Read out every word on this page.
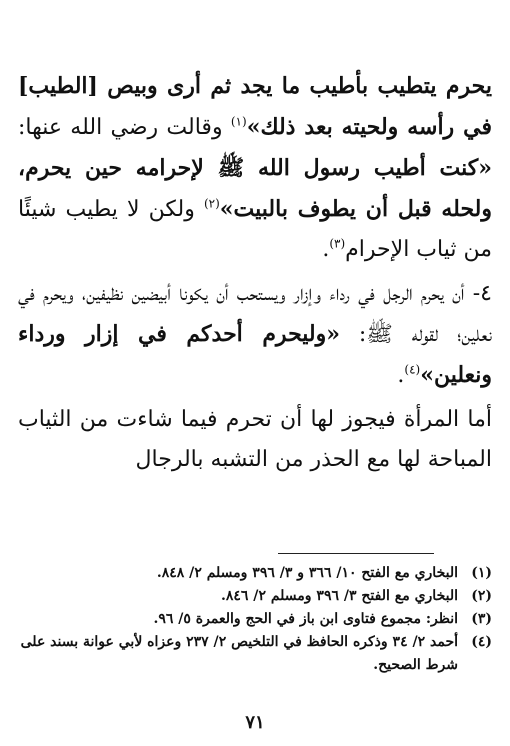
يحرم يتطيب بأطيب ما يجد ثم أرى وبيص [الطيب] في رأسه ولحيته بعد ذلك»$^{(١)}$ وقالت رضي الله عنها: «كنت أطيب رسول الله ﷺ لإحرامه حين يحرم، ولحله قبل أن يطوف بالبيت»$^{(٢)}$ ولكن لا يطيب شيئًا من ثياب الإحرام$^{(٣)}$.

٤- أن يحرم الرجل في رداء وإزار ويستحب أن يكونا أبيضين نظيفين، ويحرم في نعلين؛ لقوله ﷺ: «وليحرم أحدكم في إزار ورداء ونعلين»$^{(٤)}$.

أما المرأة فيجوز لها أن تحرم فيما شاءت من الثياب المباحة لها مع الحذر من التشبه بالرجال

(١)
البخاري مع الفتح ١٠/ ٣٦٦ و ٣/ ٣٩٦ ومسلم ٢/ ٨٤٨.

(٢)
البخاري مع الفتح ٣/ ٣٩٦ ومسلم ٢/ ٨٤٦.

(٣)
انظر: مجموع فتاوى ابن باز في الحج والعمرة ٥/ ٩٦.

(٤)
أحمد ٢/ ٣٤ وذكره الحافظ في التلخيص ٢/ ٢٣٧ وعزاه لأبي عوانة بسند على شرط الصحيح.

٧١
